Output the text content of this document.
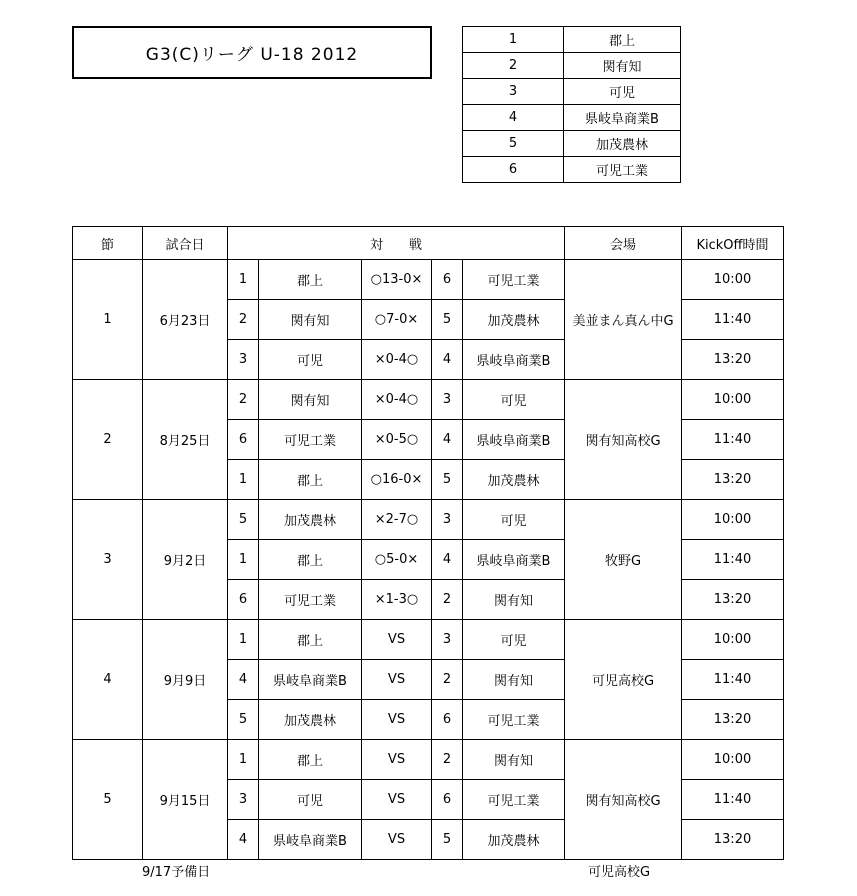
G3(C)リーグ U-18 2012
1	郡上
2	関有知
3	可児
4	県岐阜商業B
5	加茂農林
6	可児工業
節	試合日	対　　戦					会場	KickOff時間
1	6月23日	1	郡上	○13-0×	6	可児工業	美並まん真ん中G	10:00
		2	関有知	○7-0×	5	加茂農林		11:40
		3	可児	×0-4○	4	県岐阜商業B		13:20
2	8月25日	2	関有知	×0-4○	3	可児	関有知高校G	10:00
		6	可児工業	×0-5○	4	県岐阜商業B		11:40
		1	郡上	○16-0×	5	加茂農林		13:20
3	9月2日	5	加茂農林	×2-7○	3	可児	牧野G	10:00
		1	郡上	○5-0×	4	県岐阜商業B		11:40
		6	可児工業	×1-3○	2	関有知		13:20
4	9月9日	1	郡上	VS	3	可児	可児高校G	10:00
		4	県岐阜商業B	VS	2	関有知		11:40
		5	加茂農林	VS	6	可児工業		13:20
5	9月15日	1	郡上	VS	2	関有知	関有知高校G	10:00
		3	可児	VS	6	可児工業		11:40
		4	県岐阜商業B	VS	5	加茂農林		13:20
9/17予備日	可児高校G
